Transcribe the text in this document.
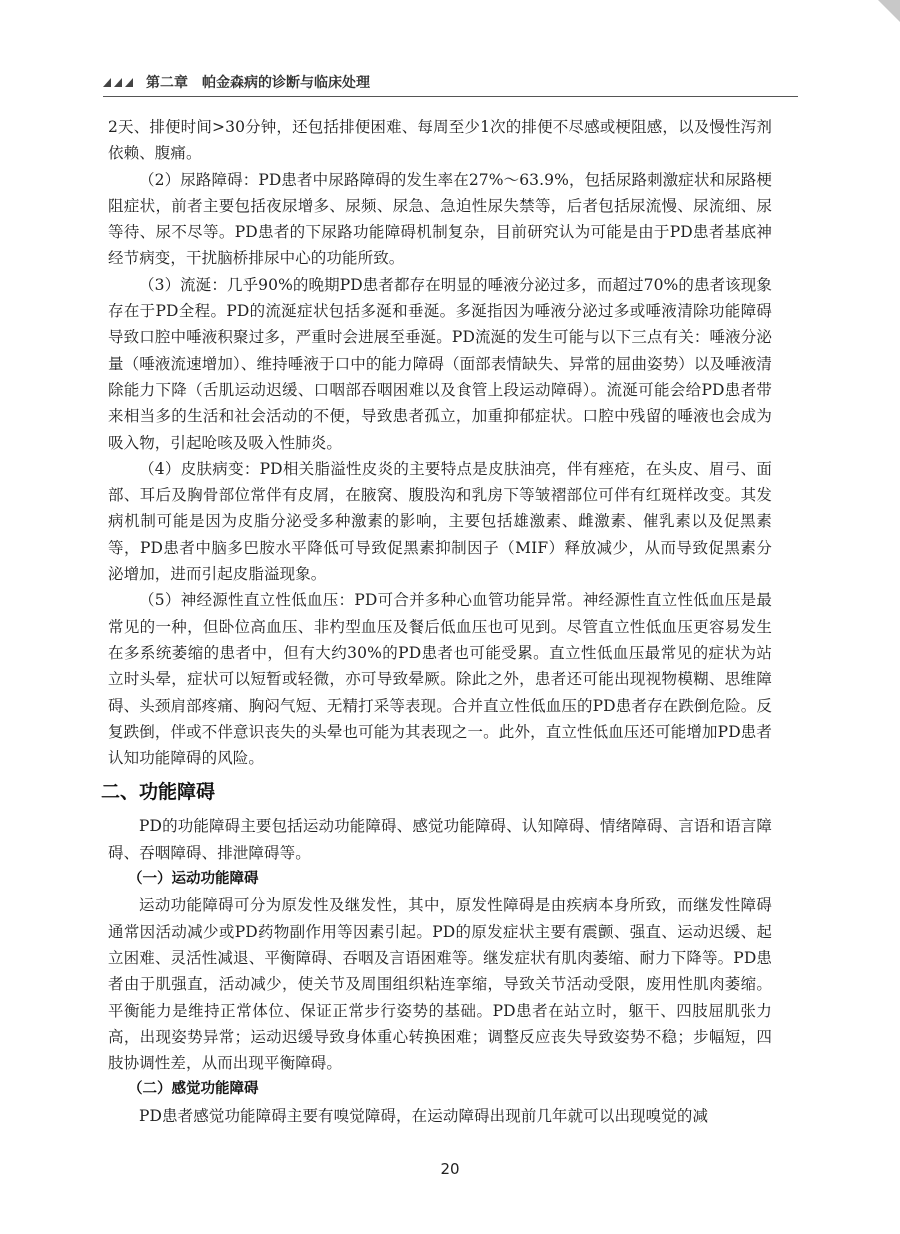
第二章 帕金森病的诊断与临床处理

2天、排便时间>30分钟，还包括排便困难、每周至少1次的排便不尽感或梗阻感，以及慢性泻剂依赖、腹痛。

（2）尿路障碍：PD患者中尿路障碍的发生率在27%～63.9%，包括尿路刺激症状和尿路梗阻症状，前者主要包括夜尿增多、尿频、尿急、急迫性尿失禁等，后者包括尿流慢、尿流细、尿等待、尿不尽等。PD患者的下尿路功能障碍机制复杂，目前研究认为可能是由于PD患者基底神经节病变，干扰脑桥排尿中心的功能所致。

（3）流涎：几乎90%的晚期PD患者都存在明显的唾液分泌过多，而超过70%的患者该现象存在于PD全程。PD的流涎症状包括多涎和垂涎。多涎指因为唾液分泌过多或唾液清除功能障碍导致口腔中唾液积聚过多，严重时会进展至垂涎。PD流涎的发生可能与以下三点有关：唾液分泌量（唾液流速增加）、维持唾液于口中的能力障碍（面部表情缺失、异常的屈曲姿势）以及唾液清除能力下降（舌肌运动迟缓、口咽部吞咽困难以及食管上段运动障碍）。流涎可能会给PD患者带来相当多的生活和社会活动的不便，导致患者孤立，加重抑郁症状。口腔中残留的唾液也会成为吸入物，引起呛咳及吸入性肺炎。

（4）皮肤病变：PD相关脂溢性皮炎的主要特点是皮肤油亮，伴有痤疮，在头皮、眉弓、面部、耳后及胸骨部位常伴有皮屑，在腋窝、腹股沟和乳房下等皱褶部位可伴有红斑样改变。其发病机制可能是因为皮脂分泌受多种激素的影响，主要包括雄激素、雌激素、催乳素以及促黑素等，PD患者中脑多巴胺水平降低可导致促黑素抑制因子（MIF）释放减少，从而导致促黑素分泌增加，进而引起皮脂溢现象。

（5）神经源性直立性低血压：PD可合并多种心血管功能异常。神经源性直立性低血压是最常见的一种，但卧位高血压、非杓型血压及餐后低血压也可见到。尽管直立性低血压更容易发生在多系统萎缩的患者中，但有大约30%的PD患者也可能受累。直立性低血压最常见的症状为站立时头晕，症状可以短暂或轻微，亦可导致晕厥。除此之外，患者还可能出现视物模糊、思维障碍、头颈肩部疼痛、胸闷气短、无精打采等表现。合并直立性低血压的PD患者存在跌倒危险。反复跌倒，伴或不伴意识丧失的头晕也可能为其表现之一。此外，直立性低血压还可能增加PD患者认知功能障碍的风险。

二、功能障碍

PD的功能障碍主要包括运动功能障碍、感觉功能障碍、认知障碍、情绪障碍、言语和语言障碍、吞咽障碍、排泄障碍等。

（一）运动功能障碍

运动功能障碍可分为原发性及继发性，其中，原发性障碍是由疾病本身所致，而继发性障碍通常因活动减少或PD药物副作用等因素引起。PD的原发症状主要有震颤、强直、运动迟缓、起立困难、灵活性减退、平衡障碍、吞咽及言语困难等。继发症状有肌肉萎缩、耐力下降等。PD患者由于肌强直，活动减少，使关节及周围组织粘连挛缩，导致关节活动受限，废用性肌肉萎缩。平衡能力是维持正常体位、保证正常步行姿势的基础。PD患者在站立时，躯干、四肢屈肌张力高，出现姿势异常；运动迟缓导致身体重心转换困难；调整反应丧失导致姿势不稳；步幅短，四肢协调性差，从而出现平衡障碍。

（二）感觉功能障碍

PD患者感觉功能障碍主要有嗅觉障碍，在运动障碍出现前几年就可以出现嗅觉的减

20
